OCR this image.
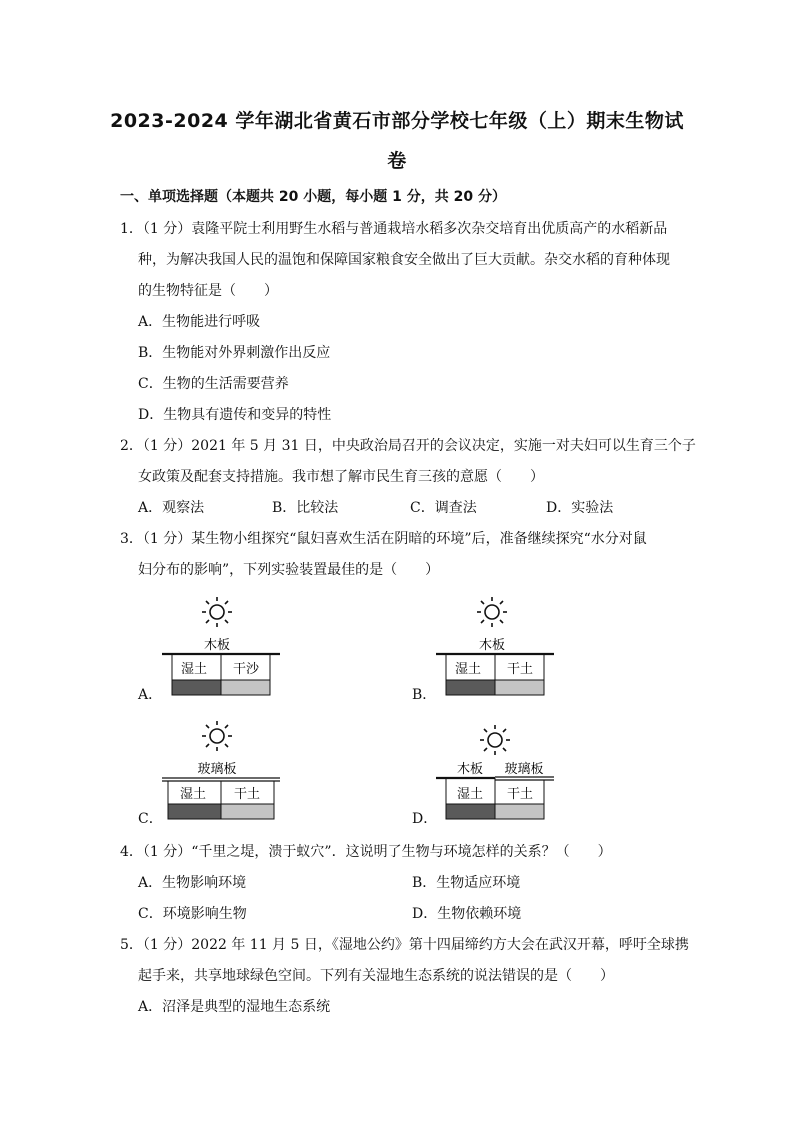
2023-2024 学年湖北省黄石市部分学校七年级（上）期末生物试
卷
一、单项选择题（本题共 20 小题，每小题 1 分，共 20 分）
1．（1 分）袁隆平院士利用野生水稻与普通栽培水稻多次杂交培育出优质高产的水稻新品
种，为解决我国人民的温饱和保障国家粮食安全做出了巨大贡献。杂交水稻的育种体现
的生物特征是（　　）
A．生物能进行呼吸
B．生物能对外界刺激作出反应
C．生物的生活需要营养
D．生物具有遗传和变异的特性
2．（1 分）2021 年 5 月 31 日，中央政治局召开的会议决定，实施一对夫妇可以生育三个子
女政策及配套支持措施。我市想了解市民生育三孩的意愿（　　）
A．观察法	B．比较法	C．调查法	D．实验法
3．（1 分）某生物小组探究“鼠妇喜欢生活在阴暗的环境”后，准备继续探究“水分对鼠
妇分布的影响”，下列实验装置最佳的是（　　）
A．
木板
湿土 干沙
B．
木板
湿土 干土
C．
玻璃板
湿土 干土
D．
木板 玻璃板
湿土 干土
4．（1 分）“千里之堤，溃于蚁穴”．这说明了生物与环境怎样的关系？（　　）
A．生物影响环境	B．生物适应环境
C．环境影响生物	D．生物依赖环境
5．（1 分）2022 年 11 月 5 日，《湿地公约》第十四届缔约方大会在武汉开幕，呼吁全球携
起手来，共享地球绿色空间。下列有关湿地生态系统的说法错误的是（　　）
A．沼泽是典型的湿地生态系统
